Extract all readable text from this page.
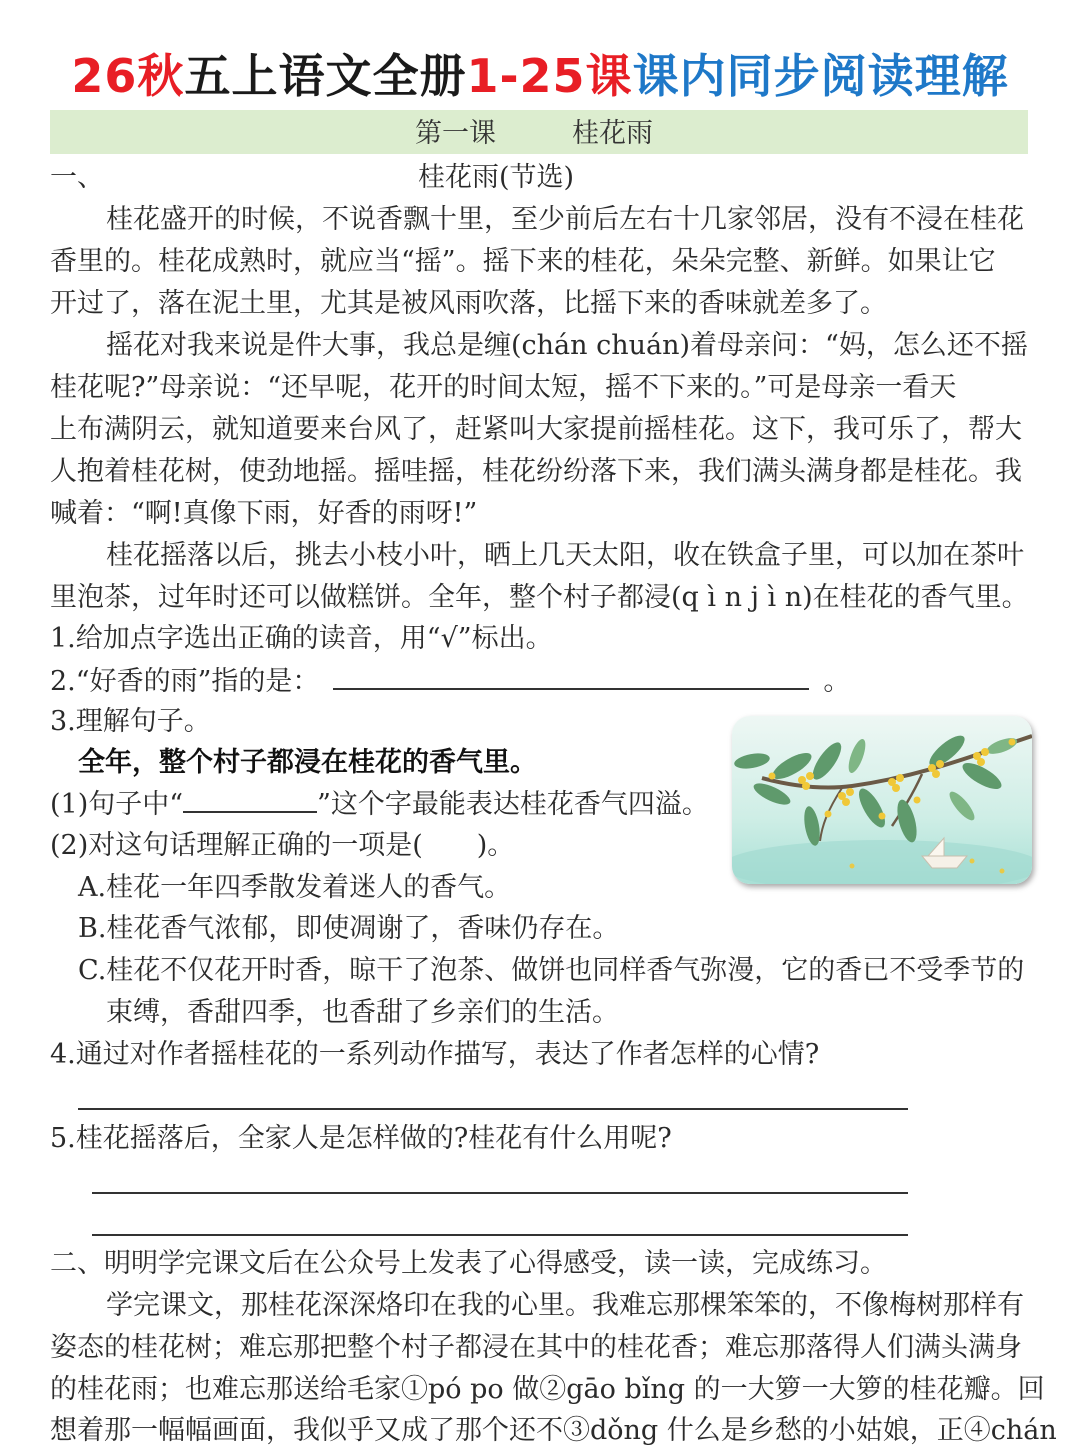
26秋五上语文全册1-25课课内同步阅读理解
第一课	桂花雨
一、	桂花雨(节选)
桂花盛开的时候，不说香飘十里，至少前后左右十几家邻居，没有不浸在桂花
香里的。桂花成熟时，就应当“摇”。摇下来的桂花，朵朵完整、新鲜。如果让它
开过了，落在泥土里，尤其是被风雨吹落，比摇下来的香味就差多了。
摇花对我来说是件大事，我总是缠(chán chuán)着母亲问：“妈，怎么还不摇
桂花呢?”母亲说：“还早呢，花开的时间太短，摇不下来的。”可是母亲一看天
上布满阴云，就知道要来台风了，赶紧叫大家提前摇桂花。这下，我可乐了，帮大
人抱着桂花树，使劲地摇。摇哇摇，桂花纷纷落下来，我们满头满身都是桂花。我
喊着：“啊!真像下雨，好香的雨呀!”
桂花摇落以后，挑去小枝小叶，晒上几天太阳，收在铁盒子里，可以加在茶叶
里泡茶，过年时还可以做糕饼。全年，整个村子都浸(q ì n j ì n)在桂花的香气里。
1.给加点字选出正确的读音，用“√”标出。
2.“好香的雨”指的是：	。
3.理解句子。
全年，整个村子都浸在桂花的香气里。
(1)句子中“	”这个字最能表达桂花香气四溢。
(2)对这句话理解正确的一项是(　　)。
A.桂花一年四季散发着迷人的香气。
B.桂花香气浓郁，即使凋谢了，香味仍存在。
C.桂花不仅花开时香，晾干了泡茶、做饼也同样香气弥漫，它的香已不受季节的
束缚，香甜四季，也香甜了乡亲们的生活。
4.通过对作者摇桂花的一系列动作描写，表达了作者怎样的心情?
5.桂花摇落后，全家人是怎样做的?桂花有什么用呢?
二、明明学完课文后在公众号上发表了心得感受，读一读，完成练习。
学完课文，那桂花深深烙印在我的心里。我难忘那棵笨笨的，不像梅树那样有
姿态的桂花树；难忘那把整个村子都浸在其中的桂花香；难忘那落得人们满头满身
的桂花雨；也难忘那送给毛家①pó po 做②gāo bǐng 的一大箩一大箩的桂花瓣。回
想着那一幅幅画面，我似乎又成了那个还不③dǒng 什么是乡愁的小姑娘，正④chán
